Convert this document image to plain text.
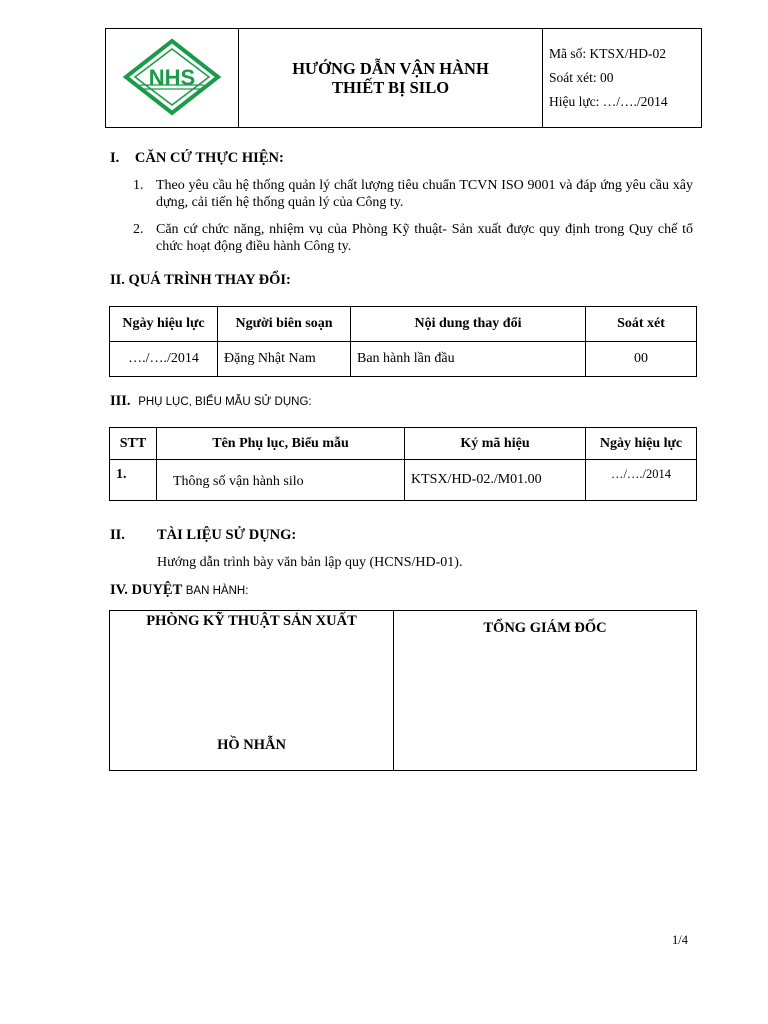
NHS	HƯỚNG DẪN VẬN HÀNH
THIẾT BỊ SILO

Mã số: KTSX/HD-02
Soát xét: 00
Hiệu lực: …/…./2014
I. CĂN CỨ THỰC HIỆN:
1. Theo yêu cầu hệ thống quản lý chất lượng tiêu chuẩn TCVN ISO 9001 và đáp ứng yêu cầu xây dựng, cải tiến hệ thống quản lý của Công ty.
2. Căn cứ chức năng, nhiệm vụ của Phòng Kỹ thuật- Sản xuất được quy định trong Quy chế tổ chức hoạt động điều hành Công ty.
II. QUÁ TRÌNH THAY ĐỔI:
Ngày hiệu lực	Người biên soạn	Nội dung thay đổi	Soát xét
…./…./2014	Đặng Nhật Nam	Ban hành lần đầu	00
III. PHỤ LỤC, BIỂU MẪU SỬ DỤNG:
STT	Tên Phụ lục, Biểu mẫu	Ký mã hiệu	Ngày hiệu lực
1.	Thông số vận hành silo	KTSX/HD-02./M01.00	…/…./2014
II. TÀI LIỆU SỬ DỤNG:
Hướng dẫn trình bày văn bản lập quy (HCNS/HD-01).
IV. DUYỆT BAN HÀNH:
PHÒNG KỸ THUẬT SẢN XUẤT
HỒ NHẪN

TỔNG GIÁM ĐỐC
1/4
